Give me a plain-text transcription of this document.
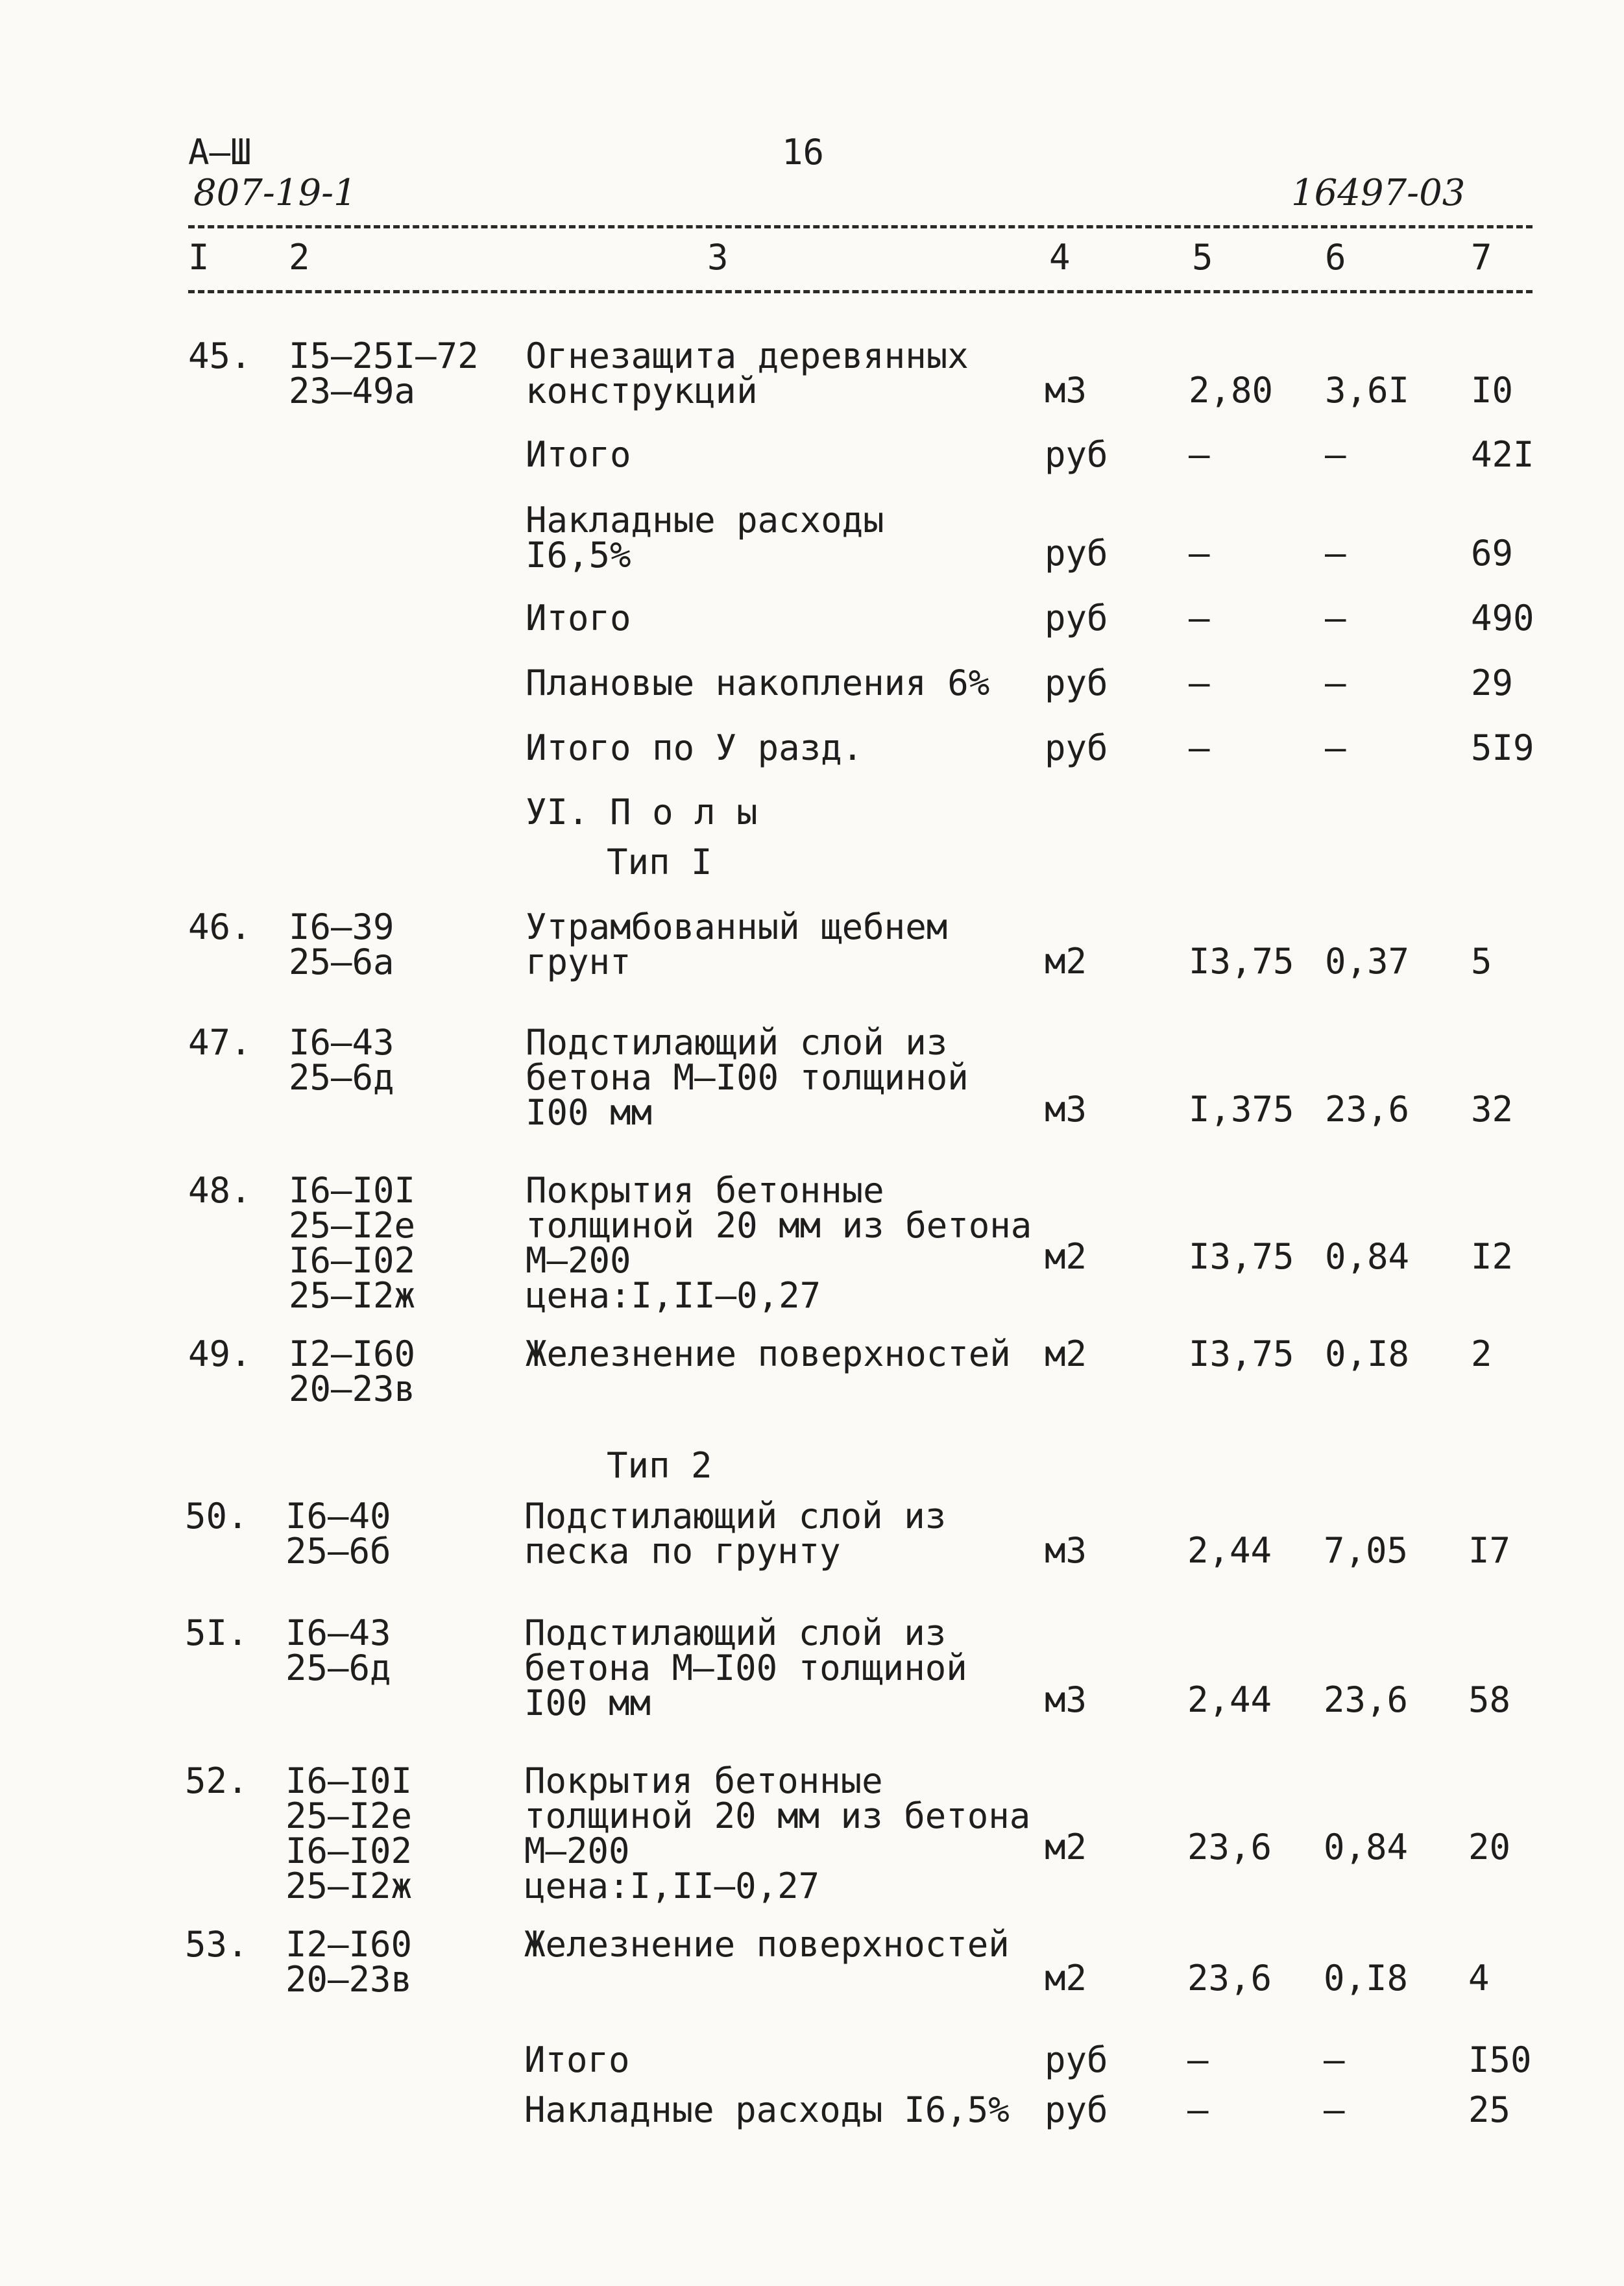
А–Ш	16
807-19-1	16497-03
I 2	3	4	5	6	7
45. I5–25I–72
23–49а
Огнезащита деревянных
конструкций	м3	2,80 3,6I I0
Итого	руб –	–	42I
Накладные расходы
I6,5%	руб –	–	69
Итого	руб –	–	490
Плановые накопления 6% руб –	–	29
Итого по У разд.	руб –	–	5I9
УI. П о л ы
Тип I
46. I6–39
25–6а
Утрамбованный щебнем
грунт	м2	I3,75 0,37 5
47. I6–43
25–6д
Подстилающий слой из
бетона М–I00 толщиной
I00 мм	м3	I,375 23,6 32
48. I6–I0I
25–I2е
I6–I02
25–I2ж
Покрытия бетонные
толщиной 20 мм из бетона
М–200
цена:I,II–0,27
м2	I3,75 0,84 I2
49. I2–I60
20–23в
Железнение поверхностей м2	I3,75 0,I8 2
Тип 2
50. I6–40
25–6б
Подстилающий слой из
песка по грунту	м3	2,44 7,05 I7
5I. I6–43
25–6д
Подстилающий слой из
бетона М–I00 толщиной
I00 мм	м3	2,44 23,6 58
52. I6–I0I
25–I2е
I6–I02
25–I2ж
Покрытия бетонные
толщиной 20 мм из бетона
М–200
цена:I,II–0,27
м2	23,6 0,84 20
53. I2–I60
20–23в
Железнение поверхностей
м2	23,6 0,I8 4
Итого	руб –	–	I50
Накладные расходы I6,5% руб –	–	25
